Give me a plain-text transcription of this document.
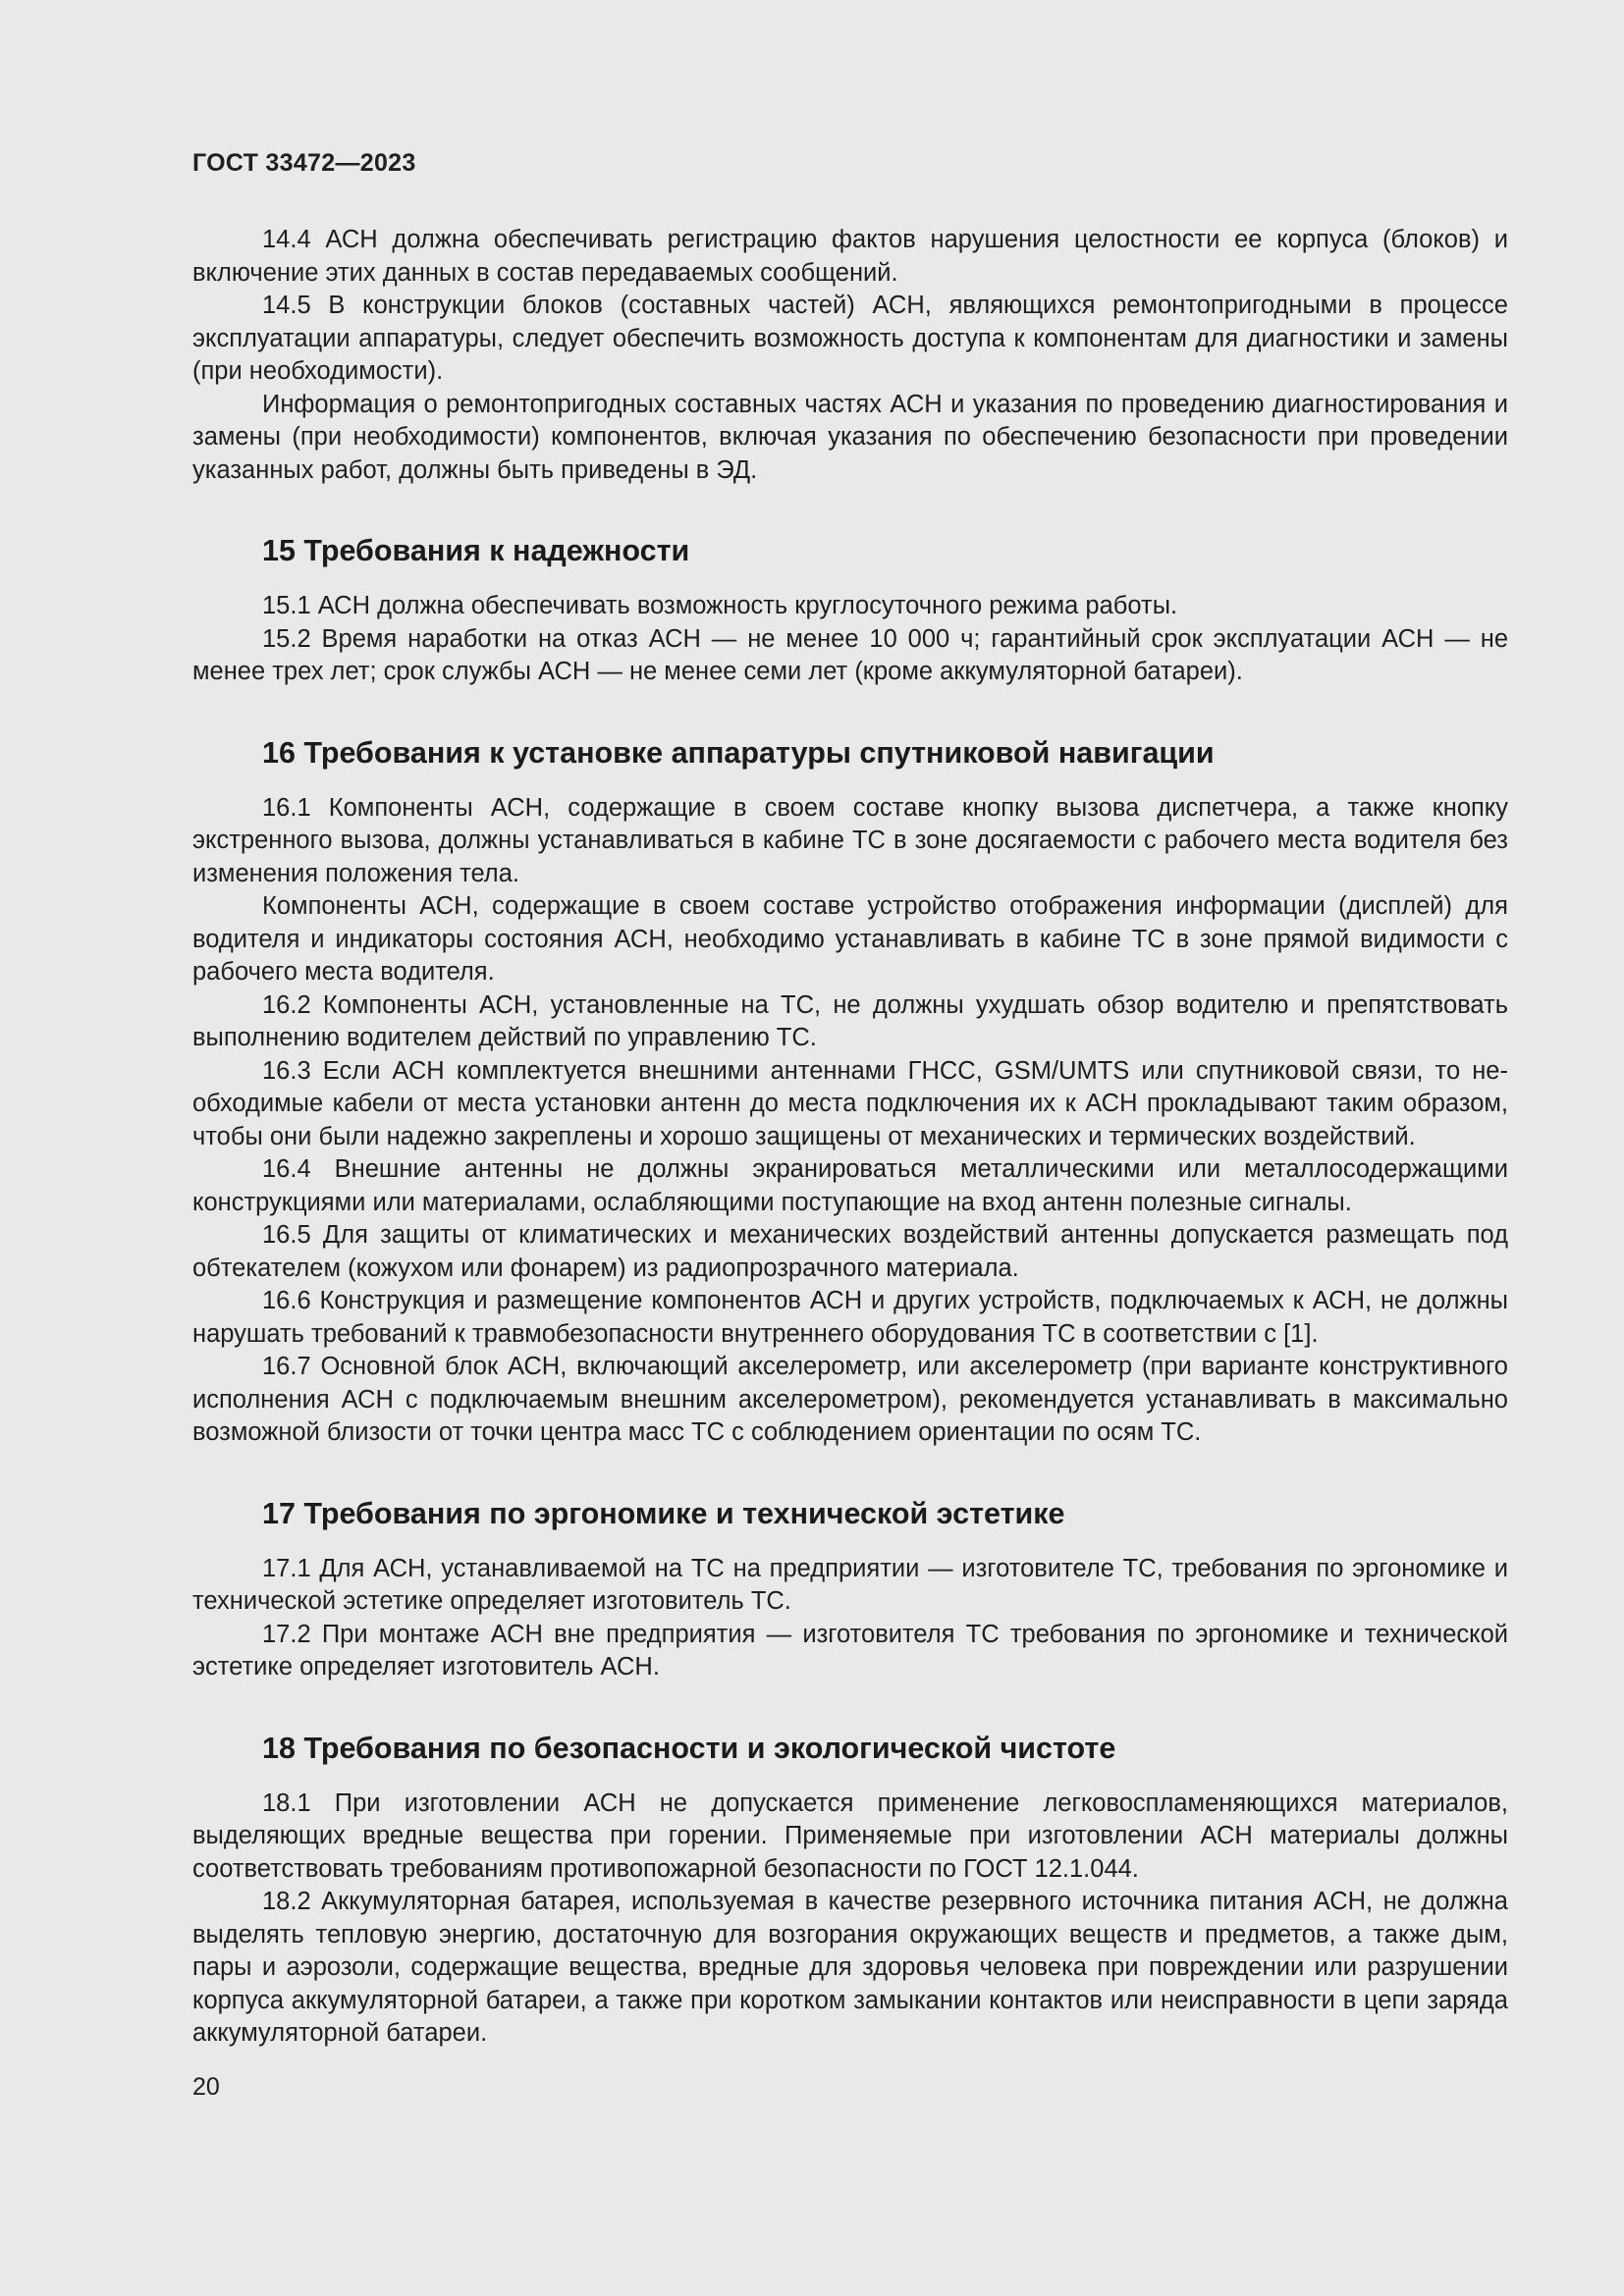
ГОСТ 33472—2023

14.4 АСН должна обеспечивать регистрацию фактов нарушения целостности ее корпуса (блоков) и включение этих данных в состав передаваемых сообщений.

14.5 В конструкции блоков (составных частей) АСН, являющихся ремонтопригодными в процессе эксплуатации аппаратуры, следует обеспечить возможность доступа к компонентам для диагностики и замены (при необходимости).

Информация о ремонтопригодных составных частях АСН и указания по проведению диагностирования и замены (при необходимости) компонентов, включая указания по обеспечению безопасности при проведении указанных работ, должны быть приведены в ЭД.

15 Требования к надежности

15.1 АСН должна обеспечивать возможность круглосуточного режима работы.

15.2 Время наработки на отказ АСН — не менее 10 000 ч; гарантийный срок эксплуатации АСН — не менее трех лет; срок службы АСН — не менее семи лет (кроме аккумуляторной батареи).

16 Требования к установке аппаратуры спутниковой навигации

16.1 Компоненты АСН, содержащие в своем составе кнопку вызова диспетчера, а также кнопку экстренного вызова, должны устанавливаться в кабине ТС в зоне досягаемости с рабочего места водителя без изменения положения тела.

Компоненты АСН, содержащие в своем составе устройство отображения информации (дисплей) для водителя и индикаторы состояния АСН, необходимо устанавливать в кабине ТС в зоне прямой видимости с рабочего места водителя.

16.2 Компоненты АСН, установленные на ТС, не должны ухудшать обзор водителю и препятствовать выполнению водителем действий по управлению ТС.

16.3 Если АСН комплектуется внешними антеннами ГНСС, GSM/UMTS или спутниковой связи, то необходимые кабели от места установки антенн до места подключения их к АСН прокладывают таким образом, чтобы они были надежно закреплены и хорошо защищены от механических и термических воздействий.

16.4 Внешние антенны не должны экранироваться металлическими или металлосодержащими конструкциями или материалами, ослабляющими поступающие на вход антенн полезные сигналы.

16.5 Для защиты от климатических и механических воздействий антенны допускается размещать под обтекателем (кожухом или фонарем) из радиопрозрачного материала.

16.6 Конструкция и размещение компонентов АСН и других устройств, подключаемых к АСН, не должны нарушать требований к травмобезопасности внутреннего оборудования ТС в соответствии с [1].

16.7 Основной блок АСН, включающий акселерометр, или акселерометр (при варианте конструктивного исполнения АСН с подключаемым внешним акселерометром), рекомендуется устанавливать в максимально возможной близости от точки центра масс ТС с соблюдением ориентации по осям ТС.

17 Требования по эргономике и технической эстетике

17.1 Для АСН, устанавливаемой на ТС на предприятии — изготовителе ТС, требования по эргономике и технической эстетике определяет изготовитель ТС.

17.2 При монтаже АСН вне предприятия — изготовителя ТС требования по эргономике и технической эстетике определяет изготовитель АСН.

18 Требования по безопасности и экологической чистоте

18.1 При изготовлении АСН не допускается применение легковоспламеняющихся материалов, выделяющих вредные вещества при горении. Применяемые при изготовлении АСН материалы должны соответствовать требованиям противопожарной безопасности по ГОСТ 12.1.044.

18.2 Аккумуляторная батарея, используемая в качестве резервного источника питания АСН, не должна выделять тепловую энергию, достаточную для возгорания окружающих веществ и предметов, а также дым, пары и аэрозоли, содержащие вещества, вредные для здоровья человека при повреждении или разрушении корпуса аккумуляторной батареи, а также при коротком замыкании контактов или неисправности в цепи заряда аккумуляторной батареи.

20
